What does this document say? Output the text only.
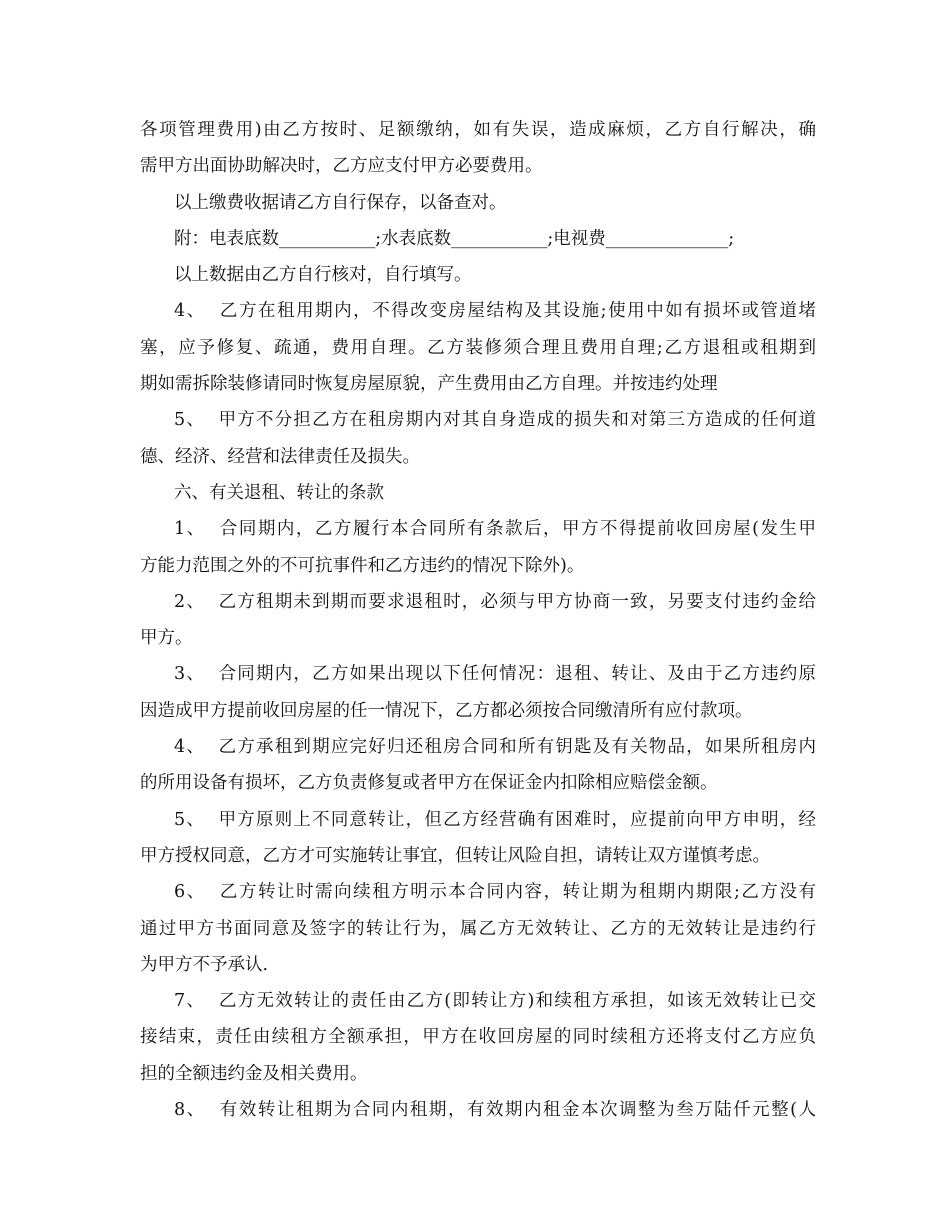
各项管理费用)由乙方按时、足额缴纳，如有失误，造成麻烦，乙方自行解决，确
需甲方出面协助解决时，乙方应支付甲方必要费用。
以上缴费收据请乙方自行保存，以备查对。
附：电表底数___________;水表底数___________;电视费______________;
以上数据由乙方自行核对，自行填写。
4、  乙方在租用期内，不得改变房屋结构及其设施;使用中如有损坏或管道堵
塞，应予修复、疏通，费用自理。乙方装修须合理且费用自理;乙方退租或租期到
期如需拆除装修请同时恢复房屋原貌，产生费用由乙方自理。并按违约处理
5、  甲方不分担乙方在租房期内对其自身造成的损失和对第三方造成的任何道
德、经济、经营和法律责任及损失。
六、有关退租、转让的条款
1、  合同期内，乙方履行本合同所有条款后，甲方不得提前收回房屋(发生甲
方能力范围之外的不可抗事件和乙方违约的情况下除外)。
2、  乙方租期未到期而要求退租时，必须与甲方协商一致，另要支付违约金给
甲方。
3、  合同期内，乙方如果出现以下任何情况：退租、转让、及由于乙方违约原
因造成甲方提前收回房屋的任一情况下，乙方都必须按合同缴清所有应付款项。
4、  乙方承租到期应完好归还租房合同和所有钥匙及有关物品，如果所租房内
的所用设备有损坏，乙方负责修复或者甲方在保证金内扣除相应赔偿金额。
5、  甲方原则上不同意转让，但乙方经营确有困难时，应提前向甲方申明，经
甲方授权同意，乙方才可实施转让事宜，但转让风险自担，请转让双方谨慎考虑。
6、  乙方转让时需向续租方明示本合同内容，转让期为租期内期限;乙方没有
通过甲方书面同意及签字的转让行为，属乙方无效转让、乙方的无效转让是违约行
为甲方不予承认.
7、  乙方无效转让的责任由乙方(即转让方)和续租方承担，如该无效转让已交
接结束，责任由续租方全额承担，甲方在收回房屋的同时续租方还将支付乙方应负
担的全额违约金及相关费用。
8、  有效转让租期为合同内租期，有效期内租金本次调整为叁万陆仟元整(人
